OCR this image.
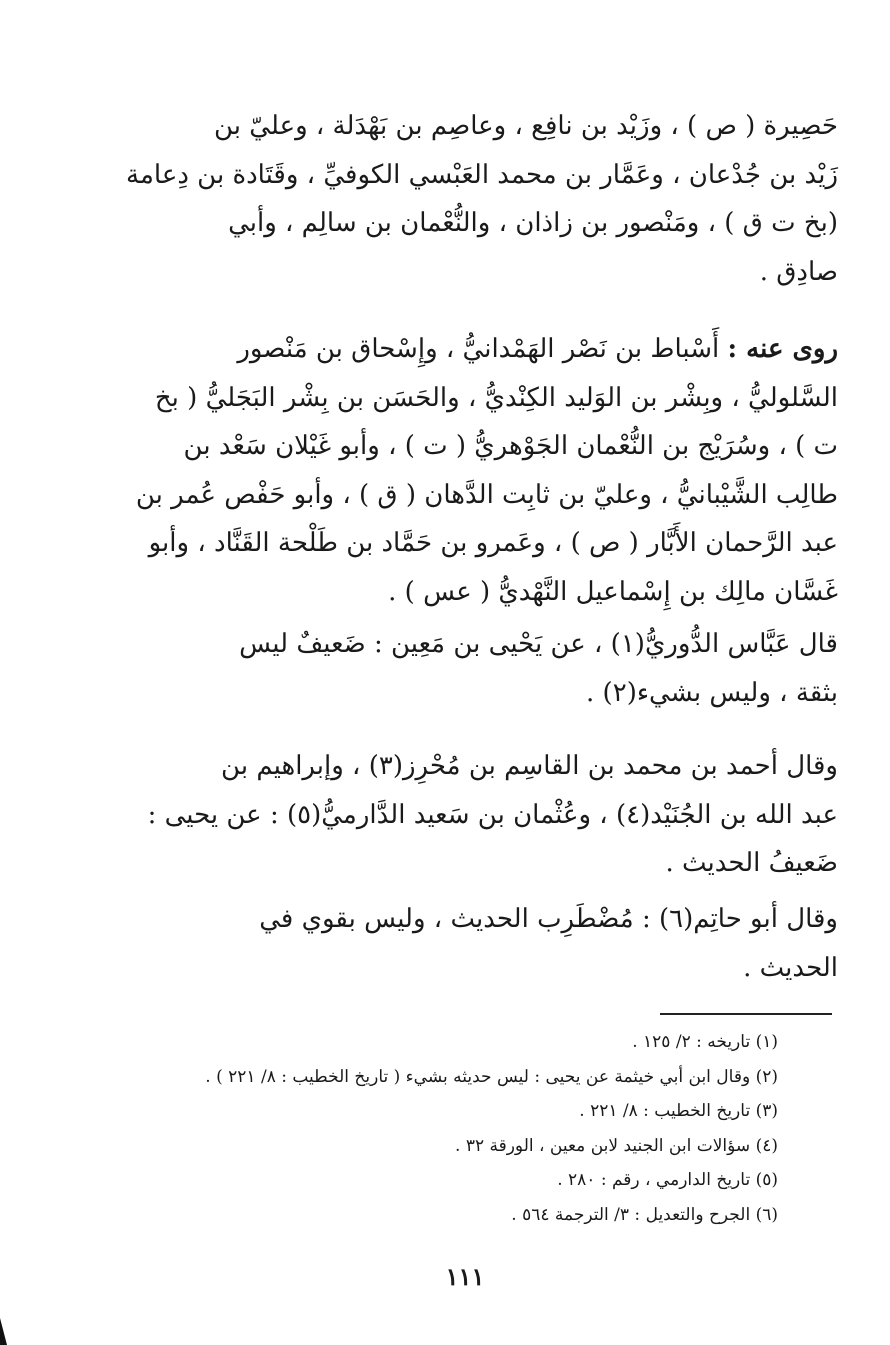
حَصِيرة ( ص ) ، وزَيْد بن نافِع ، وعاصِم بن بَهْدَلة ، وعليّ بن
زَيْد بن جُدْعان ، وعَمَّار بن محمد العَبْسي الكوفيِّ ، وقَتَادة بن دِعامة
(بخ ت ق ) ، ومَنْصور بن زاذان ، والنُّعْمان بن سالِم ، وأبي
صادِق .
روى عنه : أَسْباط بن نَصْر الهَمْدانيُّ ، وإِسْحاق بن مَنْصور
السَّلوليُّ ، وبِشْر بن الوَليد الكِنْديُّ ، والحَسَن بن بِشْر البَجَليُّ ( بخ
ت ) ، وسُرَيْج بن النُّعْمان الجَوْهريُّ ( ت ) ، وأبو غَيْلان سَعْد بن
طالِب الشَّيْبانيُّ ، وعليّ بن ثابِت الدَّهان ( ق ) ، وأبو حَفْص عُمر بن
عبد الرَّحمان الأَبَّار ( ص ) ، وعَمرو بن حَمَّاد بن طَلْحة القَنَّاد ، وأبو
غَسَّان مالِك بن إِسْماعيل النَّهْديُّ ( عس ) .
قال عَبَّاس الدُّوريُّ(١) ، عن يَحْيى بن مَعِين : ضَعيفٌ ليس
بثقة ، وليس بشيء(٢) .
وقال أحمد بن محمد بن القاسِم بن مُحْرِز(٣) ، وإبراهيم بن
عبد الله بن الجُنَيْد(٤) ، وعُثْمان بن سَعيد الدَّارميُّ(٥) : عن يحيى :
ضَعيفُ الحديث .
وقال أبو حاتِم(٦) : مُضْطَرِب الحديث ، وليس بقوي في
الحديث .
(١) تاريخه : ٢/ ١٢٥ .
(٢) وقال ابن أبي خيثمة عن يحيى : ليس حديثه بشيء ( تاريخ الخطيب : ٨/ ٢٢١ ) .
(٣) تاريخ الخطيب : ٨/ ٢٢١ .
(٤) سؤالات ابن الجنيد لابن معين ، الورقة ٣٢ .
(٥) تاريخ الدارمي ، رقم : ٢٨٠ .
(٦) الجرح والتعديل : ٣/ الترجمة ٥٦٤ .
١١١
